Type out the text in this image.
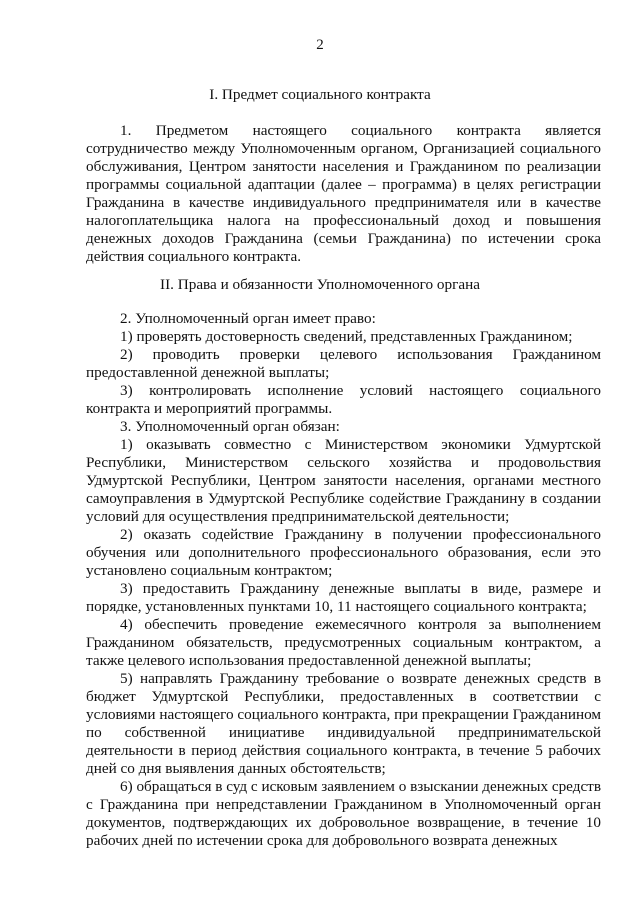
2
I. Предмет социального контракта

1. Предметом настоящего социального контракта является сотрудничество между Уполномоченным органом, Организацией социального обслуживания, Центром занятости населения и Гражданином по реализации программы социальной адаптации (далее – программа) в целях регистрации Гражданина в качестве индивидуального предпринимателя или в качестве налогоплательщика налога на профессиональный доход и повышения денежных доходов Гражданина (семьи Гражданина) по истечении срока действия социального контракта.

II. Права и обязанности Уполномоченного органа

2. Уполномоченный орган имеет право:

1) проверять достоверность сведений, представленных Гражданином;

2) проводить проверки целевого использования Гражданином предоставленной денежной выплаты;

3) контролировать исполнение условий настоящего социального контракта и мероприятий программы.

3. Уполномоченный орган обязан:

1) оказывать совместно с Министерством экономики Удмуртской Республики, Министерством сельского хозяйства и продовольствия Удмуртской Республики, Центром занятости населения, органами местного самоуправления в Удмуртской Республике содействие Гражданину в создании условий для осуществления предпринимательской деятельности;

2) оказать содействие Гражданину в получении профессионального обучения или дополнительного профессионального образования, если это установлено социальным контрактом;

3) предоставить Гражданину денежные выплаты в виде, размере и порядке, установленных пунктами 10, 11 настоящего социального контракта;

4) обеспечить проведение ежемесячного контроля за выполнением Гражданином обязательств, предусмотренных социальным контрактом, а также целевого использования предоставленной денежной выплаты;

5) направлять Гражданину требование о возврате денежных средств в бюджет Удмуртской Республики, предоставленных в соответствии с условиями настоящего социального контракта, при прекращении Гражданином по собственной инициативе индивидуальной предпринимательской деятельности в период действия социального контракта, в течение 5 рабочих дней со дня выявления данных обстоятельств;

6) обращаться в суд с исковым заявлением о взыскании денежных средств с Гражданина при непредставлении Гражданином в Уполномоченный орган документов, подтверждающих их добровольное возвращение, в течение 10 рабочих дней по истечении срока для добровольного возврата денежных
